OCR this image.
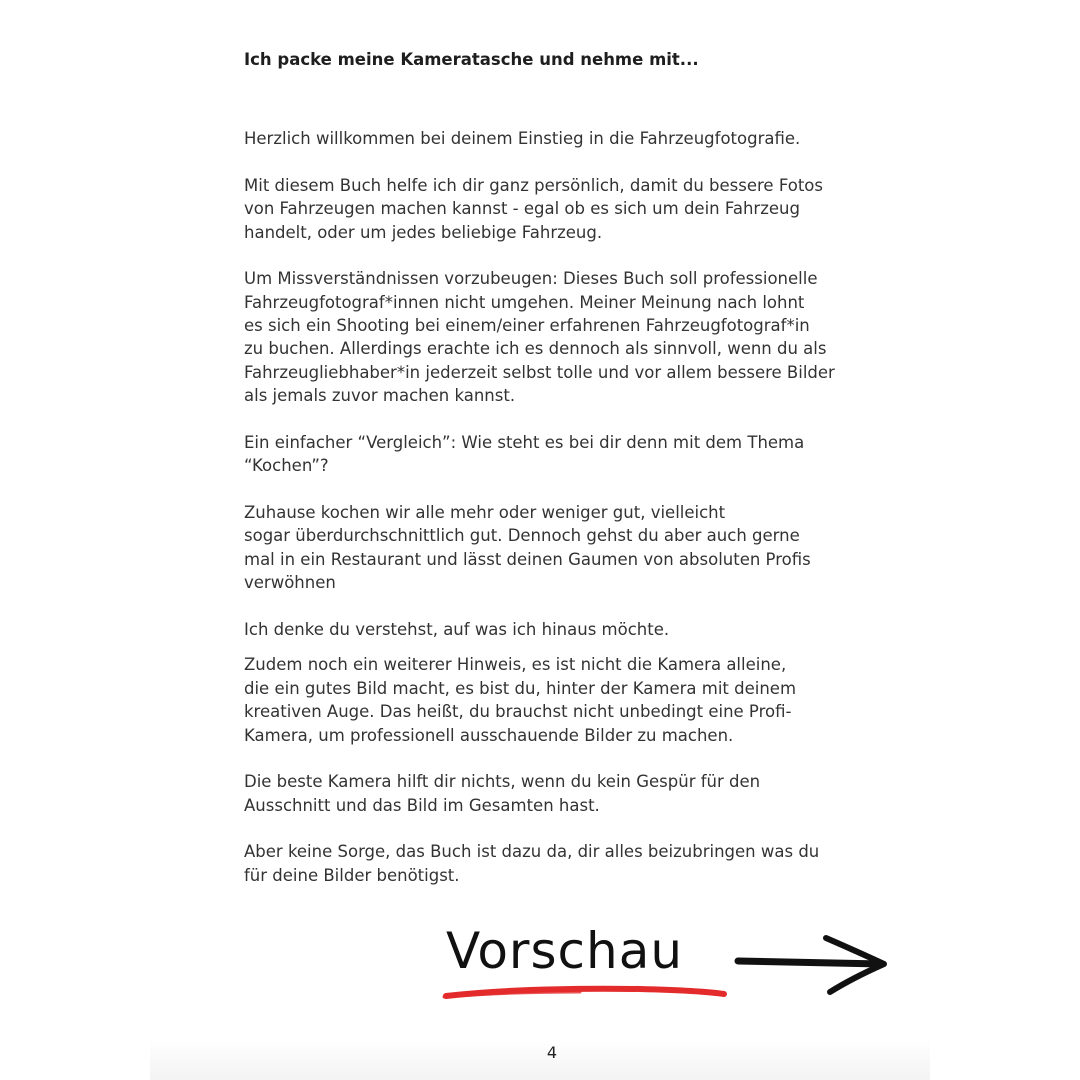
Ich packe meine Kameratasche und nehme mit...

Herzlich willkommen bei deinem Einstieg in die Fahrzeugfotografie.

Mit diesem Buch helfe ich dir ganz persönlich, damit du bessere Fotos
von Fahrzeugen machen kannst - egal ob es sich um dein Fahrzeug
handelt, oder um jedes beliebige Fahrzeug.

Um Missverständnissen vorzubeugen: Dieses Buch soll professionelle
Fahrzeugfotograf*innen nicht umgehen. Meiner Meinung nach lohnt
es sich ein Shooting bei einem/einer erfahrenen Fahrzeugfotograf*in
zu buchen. Allerdings erachte ich es dennoch als sinnvoll, wenn du als
Fahrzeugliebhaber*in jederzeit selbst tolle und vor allem bessere Bilder
als jemals zuvor machen kannst.

Ein einfacher “Vergleich”: Wie steht es bei dir denn mit dem Thema
“Kochen”?

Zuhause kochen wir alle mehr oder weniger gut, vielleicht
sogar überdurchschnittlich gut. Dennoch gehst du aber auch gerne
mal in ein Restaurant und lässt deinen Gaumen von absoluten Profis
verwöhnen

Ich denke du verstehst, auf was ich hinaus möchte.

Zudem noch ein weiterer Hinweis, es ist nicht die Kamera alleine,
die ein gutes Bild macht, es bist du, hinter der Kamera mit deinem
kreativen Auge. Das heißt, du brauchst nicht unbedingt eine Profi-
Kamera, um professionell ausschauende Bilder zu machen.

Die beste Kamera hilft dir nichts, wenn du kein Gespür für den
Ausschnitt und das Bild im Gesamten hast.

Aber keine Sorge, das Buch ist dazu da, dir alles beizubringen was du
für deine Bilder benötigst.

Vorschau
4
